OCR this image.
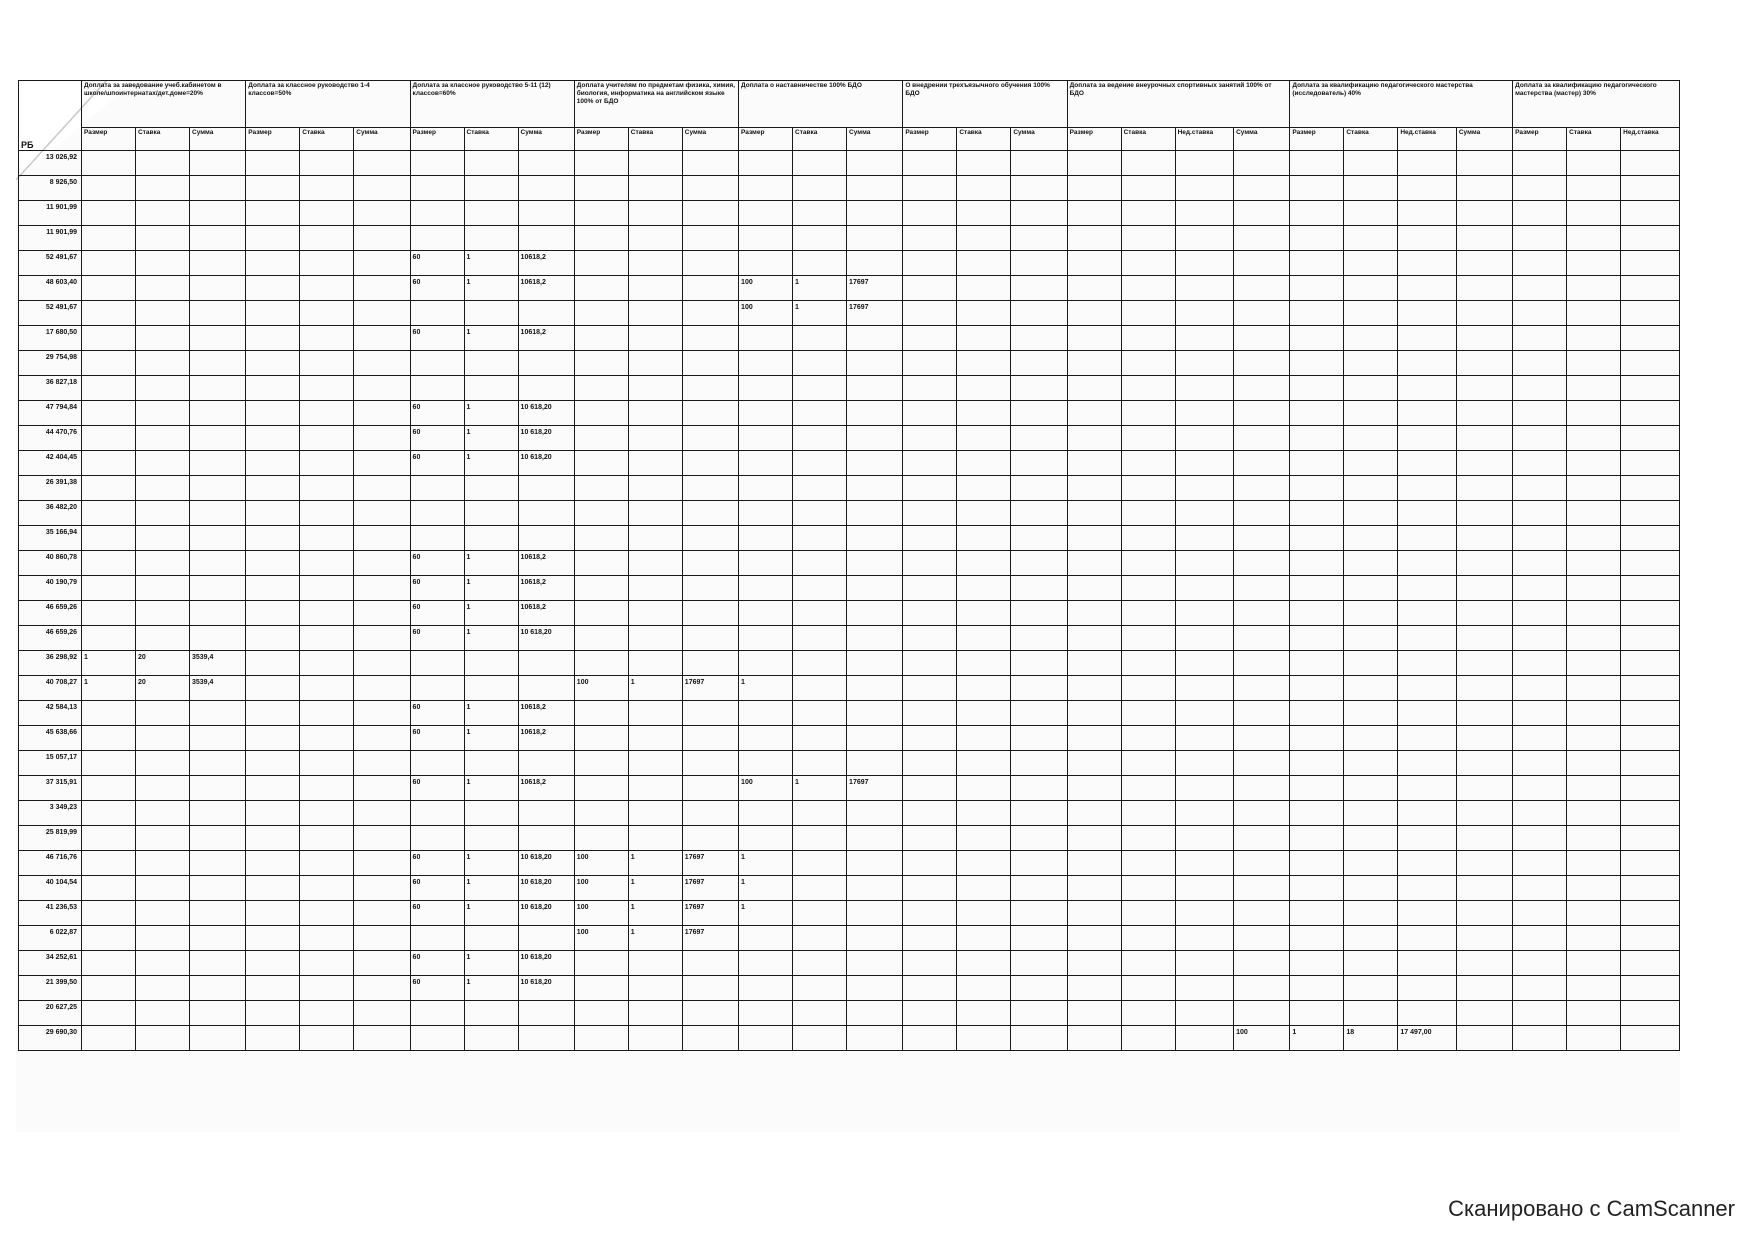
РБ	Доплата за заведование учеб.кабинетом в школе/шпоинтернатах/дет.доме=20%			Доплата за классное руководство 1-4 классов=50%			Доплата за классное руководство 5-11 (12) классов=60%			Доплата учителям по предметам физика, химия, биология, информатика на английском языке 100% от БДО			Доплата о наставничестве 100% БДО			О внедрении трехъязычного обучения 100% БДО			Доплата за ведение внеурочных спортивных занятий 100% от БДО				Доплата за квалификацию педагогического мастерства (исследователь) 40%				Доплата за квалификацию педагогического мастерства (мастер) 30%		
	Размер	Ставка	Сумма	Размер	Ставка	Сумма	Размер	Ставка	Сумма	Размер	Ставка	Сумма	Размер	Ставка	Сумма	Размер	Ставка	Сумма	Размер	Ставка	Нед.ставка	Сумма	Размер	Ставка	Нед.ставка	Сумма	Размер	Ставка	Нед.ставка
13 026,92																													
8 926,50																													
11 901,99																													
11 901,99																													
52 491,67							60	1	10618,2																				
48 603,40							60	1	10618,2				100	1	17697														
52 491,67													100	1	17697														
17 680,50							60	1	10618,2																				
29 754,98																													
36 827,18																													
47 794,84							60	1	10 618,20																				
44 470,76							60	1	10 618,20																				
42 404,45							60	1	10 618,20																				
26 391,38																													
36 482,20																													
35 166,94																													
40 860,78							60	1	10618,2																				
40 190,79							60	1	10618,2																				
46 659,26							60	1	10618,2																				
46 659,26							60	1	10 618,20																				
36 298,92	1	20	3539,4																										
40 708,27	1	20	3539,4							100	1	17697	1																
42 584,13							60	1	10618,2																				
45 638,66							60	1	10618,2																				
15 057,17																													
37 315,91							60	1	10618,2				100	1	17697														
3 349,23																													
25 819,99																													
46 716,76							60	1	10 618,20	100	1	17697	1																
40 104,54							60	1	10 618,20	100	1	17697	1																
41 236,53							60	1	10 618,20	100	1	17697	1																
6 022,87										100	1	17697																	
34 252,61							60	1	10 618,20																				
21 399,50							60	1	10 618,20																				
20 627,25																													
29 690,30																						100	1	18	17 497,00				
Сканировано с CamScanner
